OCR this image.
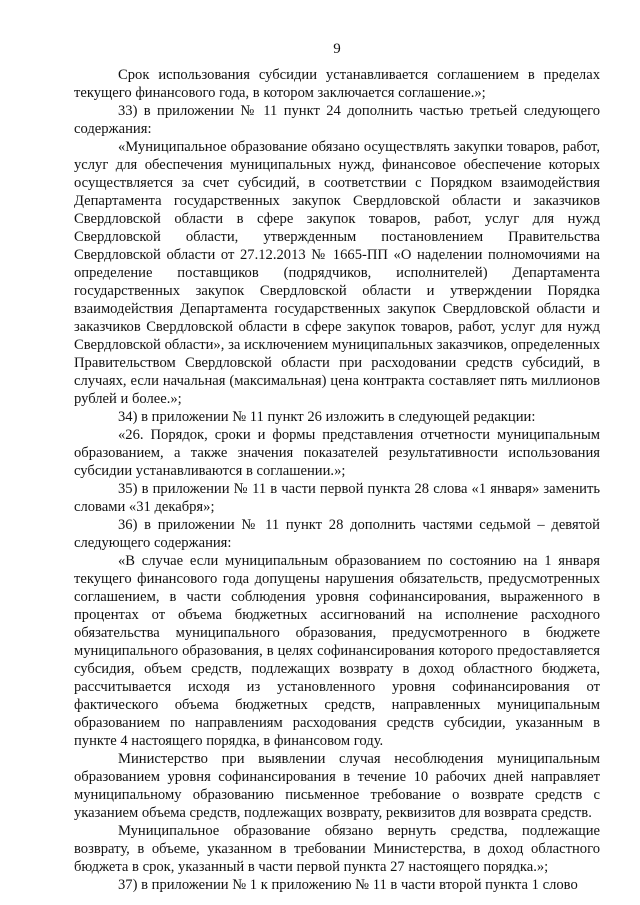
9

Срок использования субсидии устанавливается соглашением в пределах текущего финансового года, в котором заключается соглашение.»;

33) в приложении № 11 пункт 24 дополнить частью третьей следующего содержания:

«Муниципальное образование обязано осуществлять закупки товаров, работ, услуг для обеспечения муниципальных нужд, финансовое обеспечение которых осуществляется за счет субсидий, в соответствии с Порядком взаимодействия Департамента государственных закупок Свердловской области и заказчиков Свердловской области в сфере закупок товаров, работ, услуг для нужд Свердловской области, утвержденным постановлением Правительства Свердловской области от 27.12.2013 № 1665-ПП «О наделении полномочиями на определение поставщиков (подрядчиков, исполнителей) Департамента государственных закупок Свердловской области и утверждении Порядка взаимодействия Департамента государственных закупок Свердловской области и заказчиков Свердловской области в сфере закупок товаров, работ, услуг для нужд Свердловской области», за исключением муниципальных заказчиков, определенных Правительством Свердловской области при расходовании средств субсидий, в случаях, если начальная (максимальная) цена контракта составляет пять миллионов рублей и более.»;

34) в приложении № 11 пункт 26 изложить в следующей редакции:

«26. Порядок, сроки и формы представления отчетности муниципальным образованием, а также значения показателей результативности использования субсидии устанавливаются в соглашении.»;

35) в приложении № 11 в части первой пункта 28 слова «1 января» заменить словами «31 декабря»;

36) в приложении № 11 пункт 28 дополнить частями седьмой – девятой следующего содержания:

«В случае если муниципальным образованием по состоянию на 1 января текущего финансового года допущены нарушения обязательств, предусмотренных соглашением, в части соблюдения уровня софинансирования, выраженного в процентах от объема бюджетных ассигнований на исполнение расходного обязательства муниципального образования, предусмотренного в бюджете муниципального образования, в целях софинансирования которого предоставляется субсидия, объем средств, подлежащих возврату в доход областного бюджета, рассчитывается исходя из установленного уровня софинансирования от фактического объема бюджетных средств, направленных муниципальным образованием по направлениям расходования средств субсидии, указанным в пункте 4 настоящего порядка, в финансовом году.

Министерство при выявлении случая несоблюдения муниципальным образованием уровня софинансирования в течение 10 рабочих дней направляет муниципальному образованию письменное требование о возврате средств с указанием объема средств, подлежащих возврату, реквизитов для возврата средств.

Муниципальное образование обязано вернуть средства, подлежащие возврату, в объеме, указанном в требовании Министерства, в доход областного бюджета в срок, указанный в части первой пункта 27 настоящего порядка.»;

37) в приложении № 1 к приложению № 11 в части второй пункта 1 слово
